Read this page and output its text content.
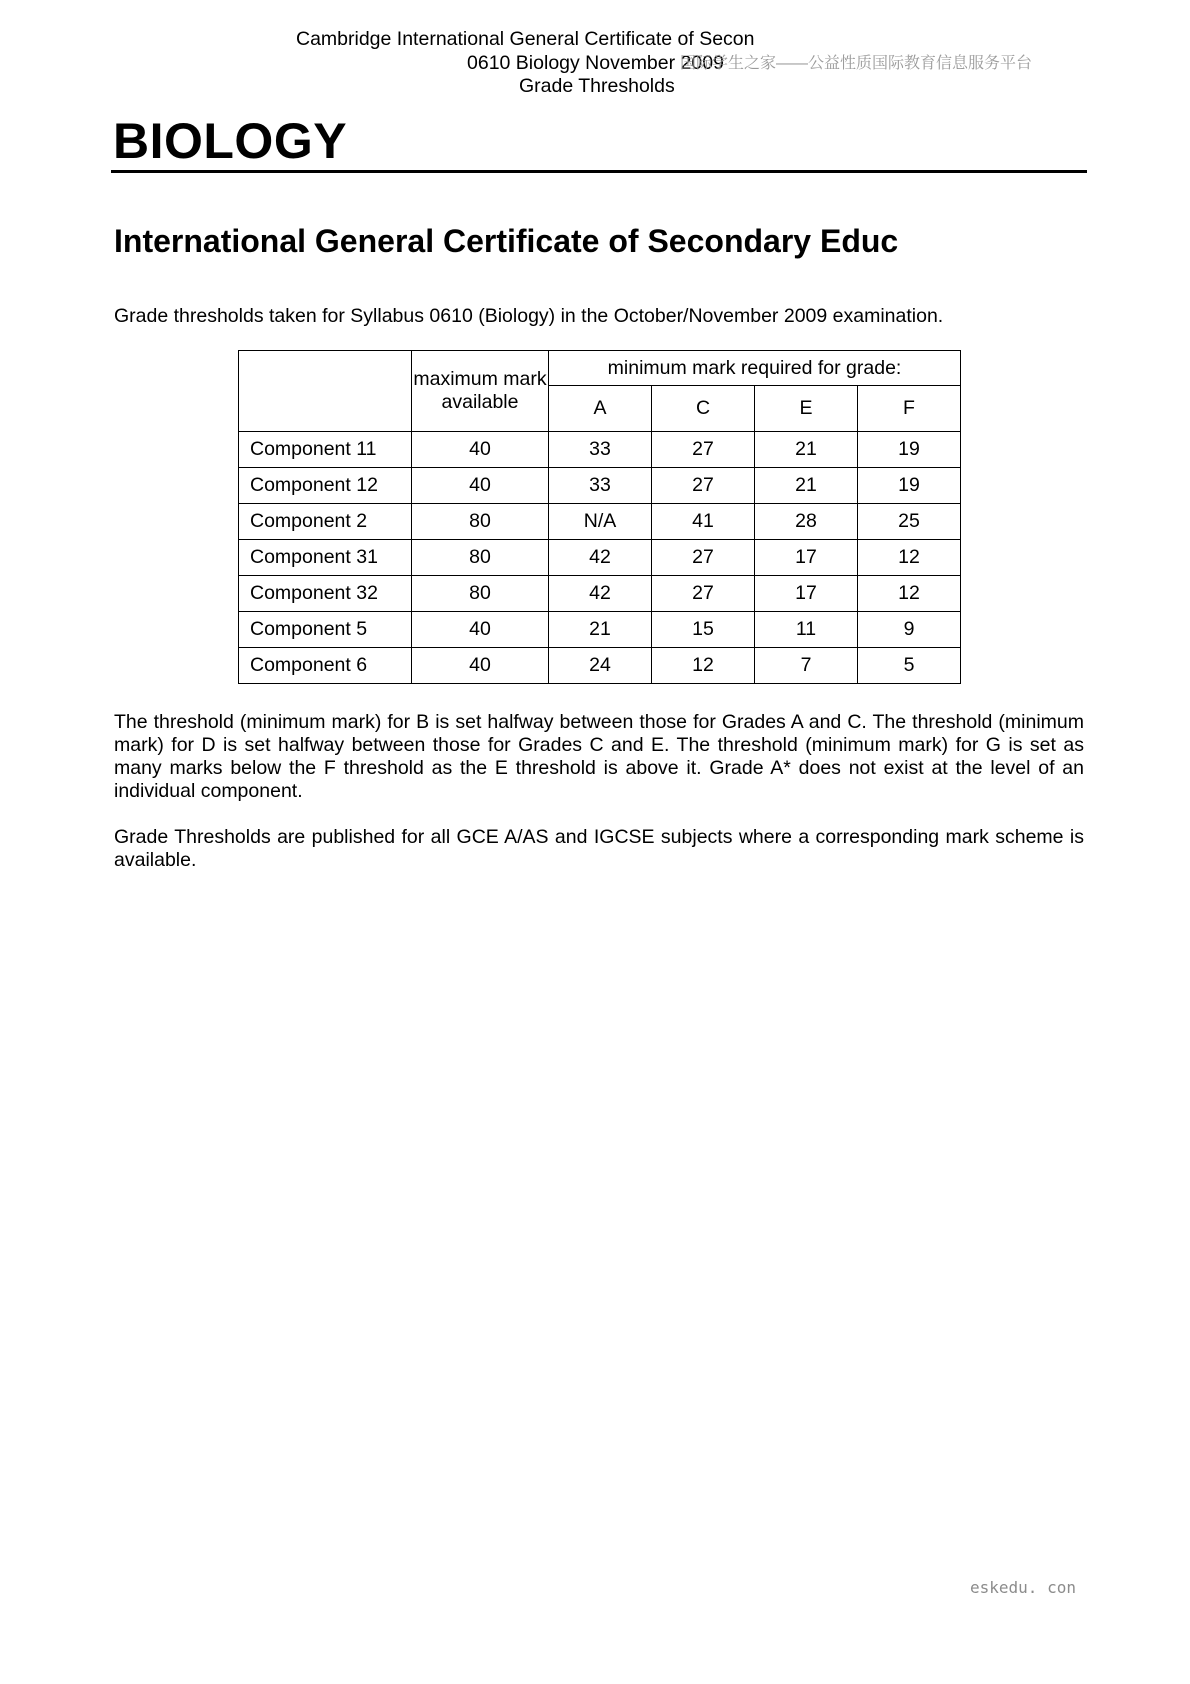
Cambridge International General Certificate of Secon
0610 Biology November 2009
国际学生之家——公益性质国际教育信息服务平台
Grade Thresholds
BIOLOGY
International General Certificate of Secondary Educ
Grade thresholds taken for Syllabus 0610 (Biology) in the October/November 2009 examination.
	maximum mark available	minimum mark required for grade:			
		A	C	E	F
Component 11	40	33	27	21	19
Component 12	40	33	27	21	19
Component 2	80	N/A	41	28	25
Component 31	80	42	27	17	12
Component 32	80	42	27	17	12
Component 5	40	21	15	11	9
Component 6	40	24	12	7	5
The threshold (minimum mark) for B is set halfway between those for Grades A and C. The threshold (minimum mark) for D is set halfway between those for Grades C and E. The threshold (minimum mark) for G is set as many marks below the F threshold as the E threshold is above it. Grade A* does not exist at the level of an individual component.
Grade Thresholds are published for all GCE A/AS and IGCSE subjects where a corresponding mark scheme is available.
eskedu. con
